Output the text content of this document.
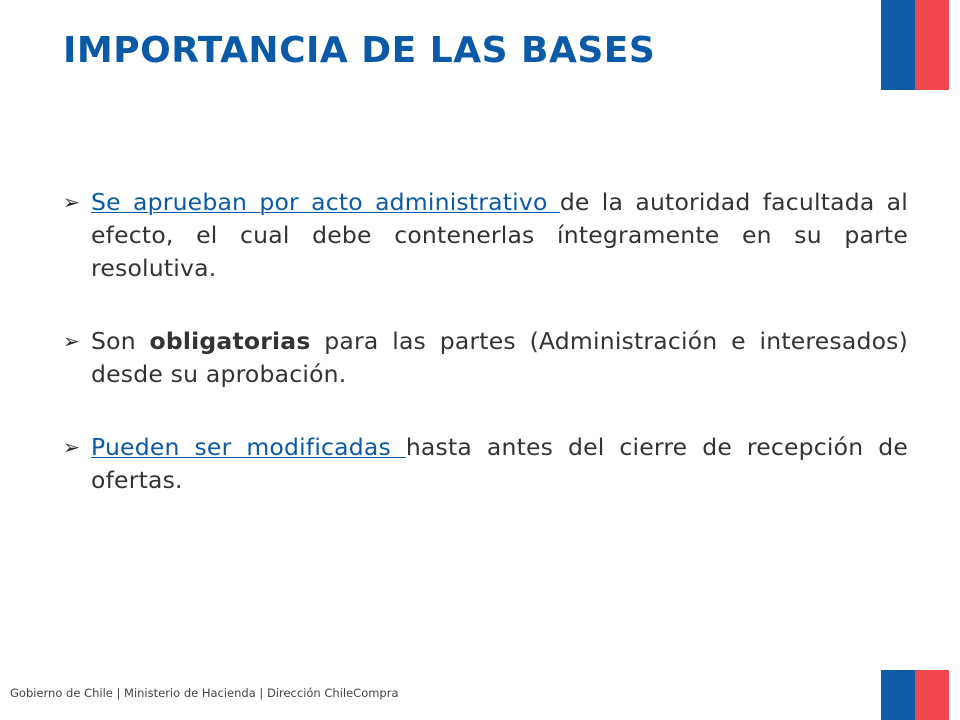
IMPORTANCIA DE LAS BASES
➢ Se aprueban por acto administrativo de la autoridad facultada al efecto, el cual debe contenerlas íntegramente en su parte resolutiva.
➢ Son obligatorias para las partes (Administración e interesados) desde su aprobación.
➢ Pueden ser modificadas hasta antes del cierre de recepción de ofertas.
Gobierno de Chile | Ministerio de Hacienda | Dirección ChileCompra
